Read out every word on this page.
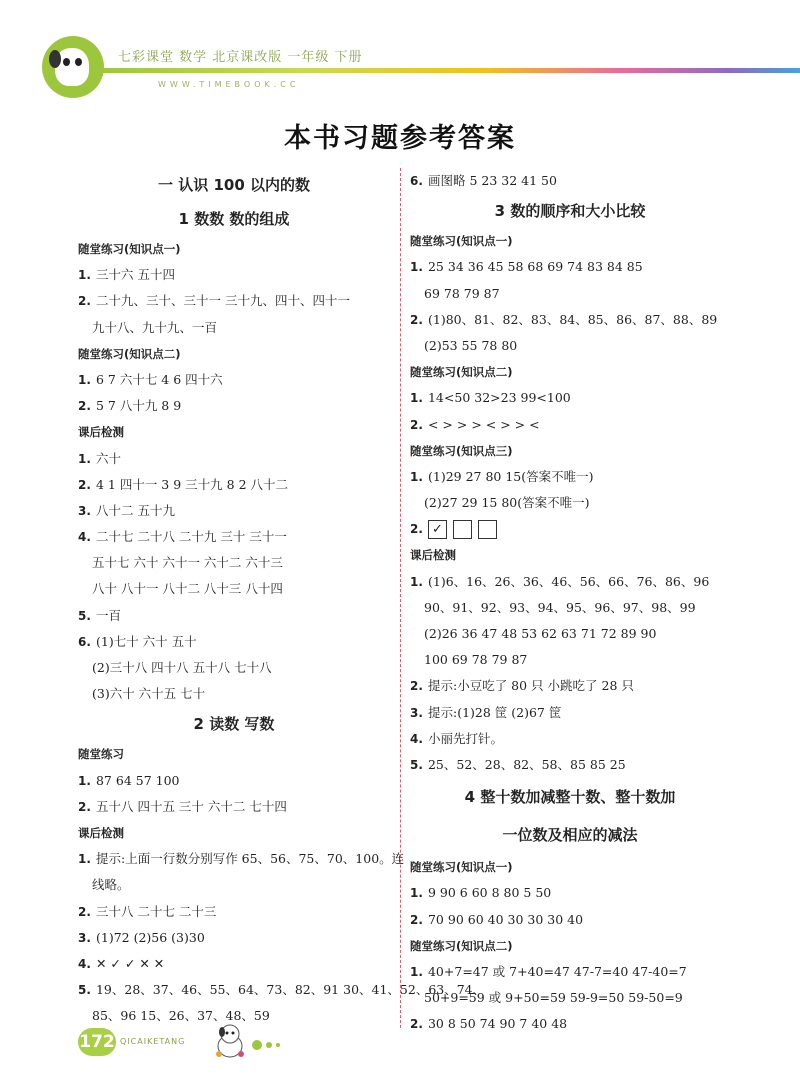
七彩课堂 数学 北京课改版 一年级 下册
WWW.TIMEBOOK.CC
本书习题参考答案
一 认识 100 以内的数
1 数数 数的组成
随堂练习(知识点一)
1. 三十六 五十四
2. 二十九、三十、三十一 三十九、四十、四十一
九十八、九十九、一百
随堂练习(知识点二)
1. 6 7 六十七 4 6 四十六
2. 5 7 八十九 8 9
课后检测
1. 六十
2. 4 1 四十一 3 9 三十九 8 2 八十二
3. 八十二 五十九
4. 二十七 二十八 二十九 三十 三十一
五十七 六十 六十一 六十二 六十三
八十 八十一 八十二 八十三 八十四
5. 一百
6. (1)七十 六十 五十
(2)三十八 四十八 五十八 七十八
(3)六十 六十五 七十
2 读数 写数
随堂练习
1. 87 64 57 100
2. 五十八 四十五 三十 六十二 七十四
课后检测
1. 提示:上面一行数分别写作 65、56、75、70、100。连
线略。
2. 三十八 二十七 二十三
3. (1)72 (2)56 (3)30
4. ✕ ✓ ✓ ✕ ✕
5. 19、28、37、46、55、64、73、82、91 30、41、52、63、74、
85、96 15、26、37、48、59
6. 画图略 5 23 32 41 50
3 数的顺序和大小比较
随堂练习(知识点一)
1. 25 34 36 45 58 68 69 74 83 84 85
69 78 79 87
2. (1)80、81、82、83、84、85、86、87、88、89
(2)53 55 78 80
随堂练习(知识点二)
1. 14<50 32>23 99<100
2. < > > > < > > <
随堂练习(知识点三)
1. (1)29 27 80 15(答案不唯一)
(2)27 29 15 80(答案不唯一)
2. ✓
课后检测
1. (1)6、16、26、36、46、56、66、76、86、96
90、91、92、93、94、95、96、97、98、99
(2)26 36 47 48 53 62 63 71 72 89 90
100 69 78 79 87
2. 提示:小豆吃了 80 只 小跳吃了 28 只
3. 提示:(1)28 筐 (2)67 筐
4. 小丽先打针。
5. 25、52、28、82、58、85 85 25
4 整十数加减整十数、整十数加
一位数及相应的减法
随堂练习(知识点一)
1. 9 90 6 60 8 80 5 50
2. 70 90 60 40 30 30 30 40
随堂练习(知识点二)
1. 40+7=47 或 7+40=47 47-7=40 47-40=7
50+9=59 或 9+50=59 59-9=50 59-50=9
2. 30 8 50 74 90 7 40 48
172 QICAIKETANG
